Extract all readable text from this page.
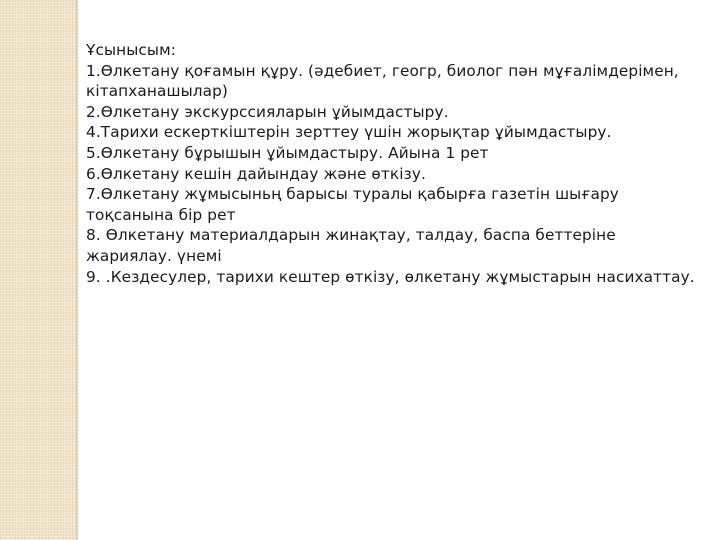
Ұсынысым:
1.Өлкетану қоғамын құру. (әдебиет, геогр, биолог пән мұғалімдерімен, кітапханашылар)
2.Өлкетану экскурссияларын ұйымдастыру.
4.Тарихи ескерткіштерін зерттеу үшін жорықтар ұйымдастыру.
5.Өлкетану бұрышын ұйымдастыру. Айына 1 рет
6.Өлкетану кешін дайындау және өткізу.
7.Өлкетану жұмысыньң барысы туралы қабырға газетін шығару тоқсанына бір рет
8. Өлкетану материалдарын жинақтау, талдау, баспа беттеріне жариялау. үнемі
9. .Кездесулер, тарихи кештер өткізу, өлкетану жұмыстарын насихаттау.
